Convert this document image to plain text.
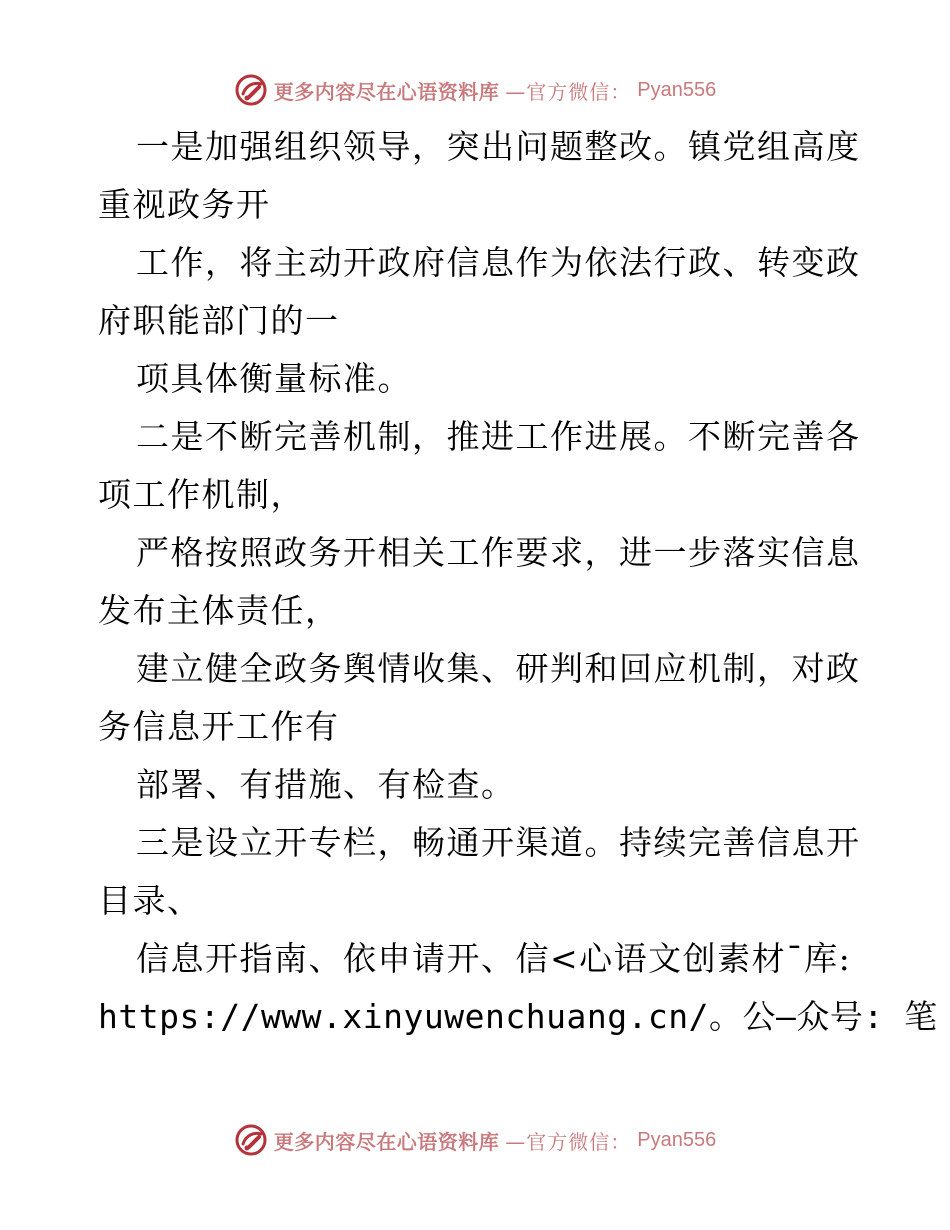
更多内容尽在心语资料库 —官方微信： Pyan556
一是加强组织领导，突出问题整改。镇党组高度
重视政务开
工作，将主动开政府信息作为依法行政、转变政
府职能部门的一
项具体衡量标准。
二是不断完善机制，推进工作进展。不断完善各
项工作机制，
严格按照政务开相关工作要求，进一步落实信息
发布主体责任，
建立健全政务舆情收集、研判和回应机制，对政
务信息开工作有
部署、有措施、有检查。
三是设立开专栏，畅通开渠道。持续完善信息开
目录、
信息开指南、依申请开、信<心语文创素材¯库:
https://www.xinyuwenchuang.cn/。公—众号: 笔
更多内容尽在心语资料库 —官方微信： Pyan556
